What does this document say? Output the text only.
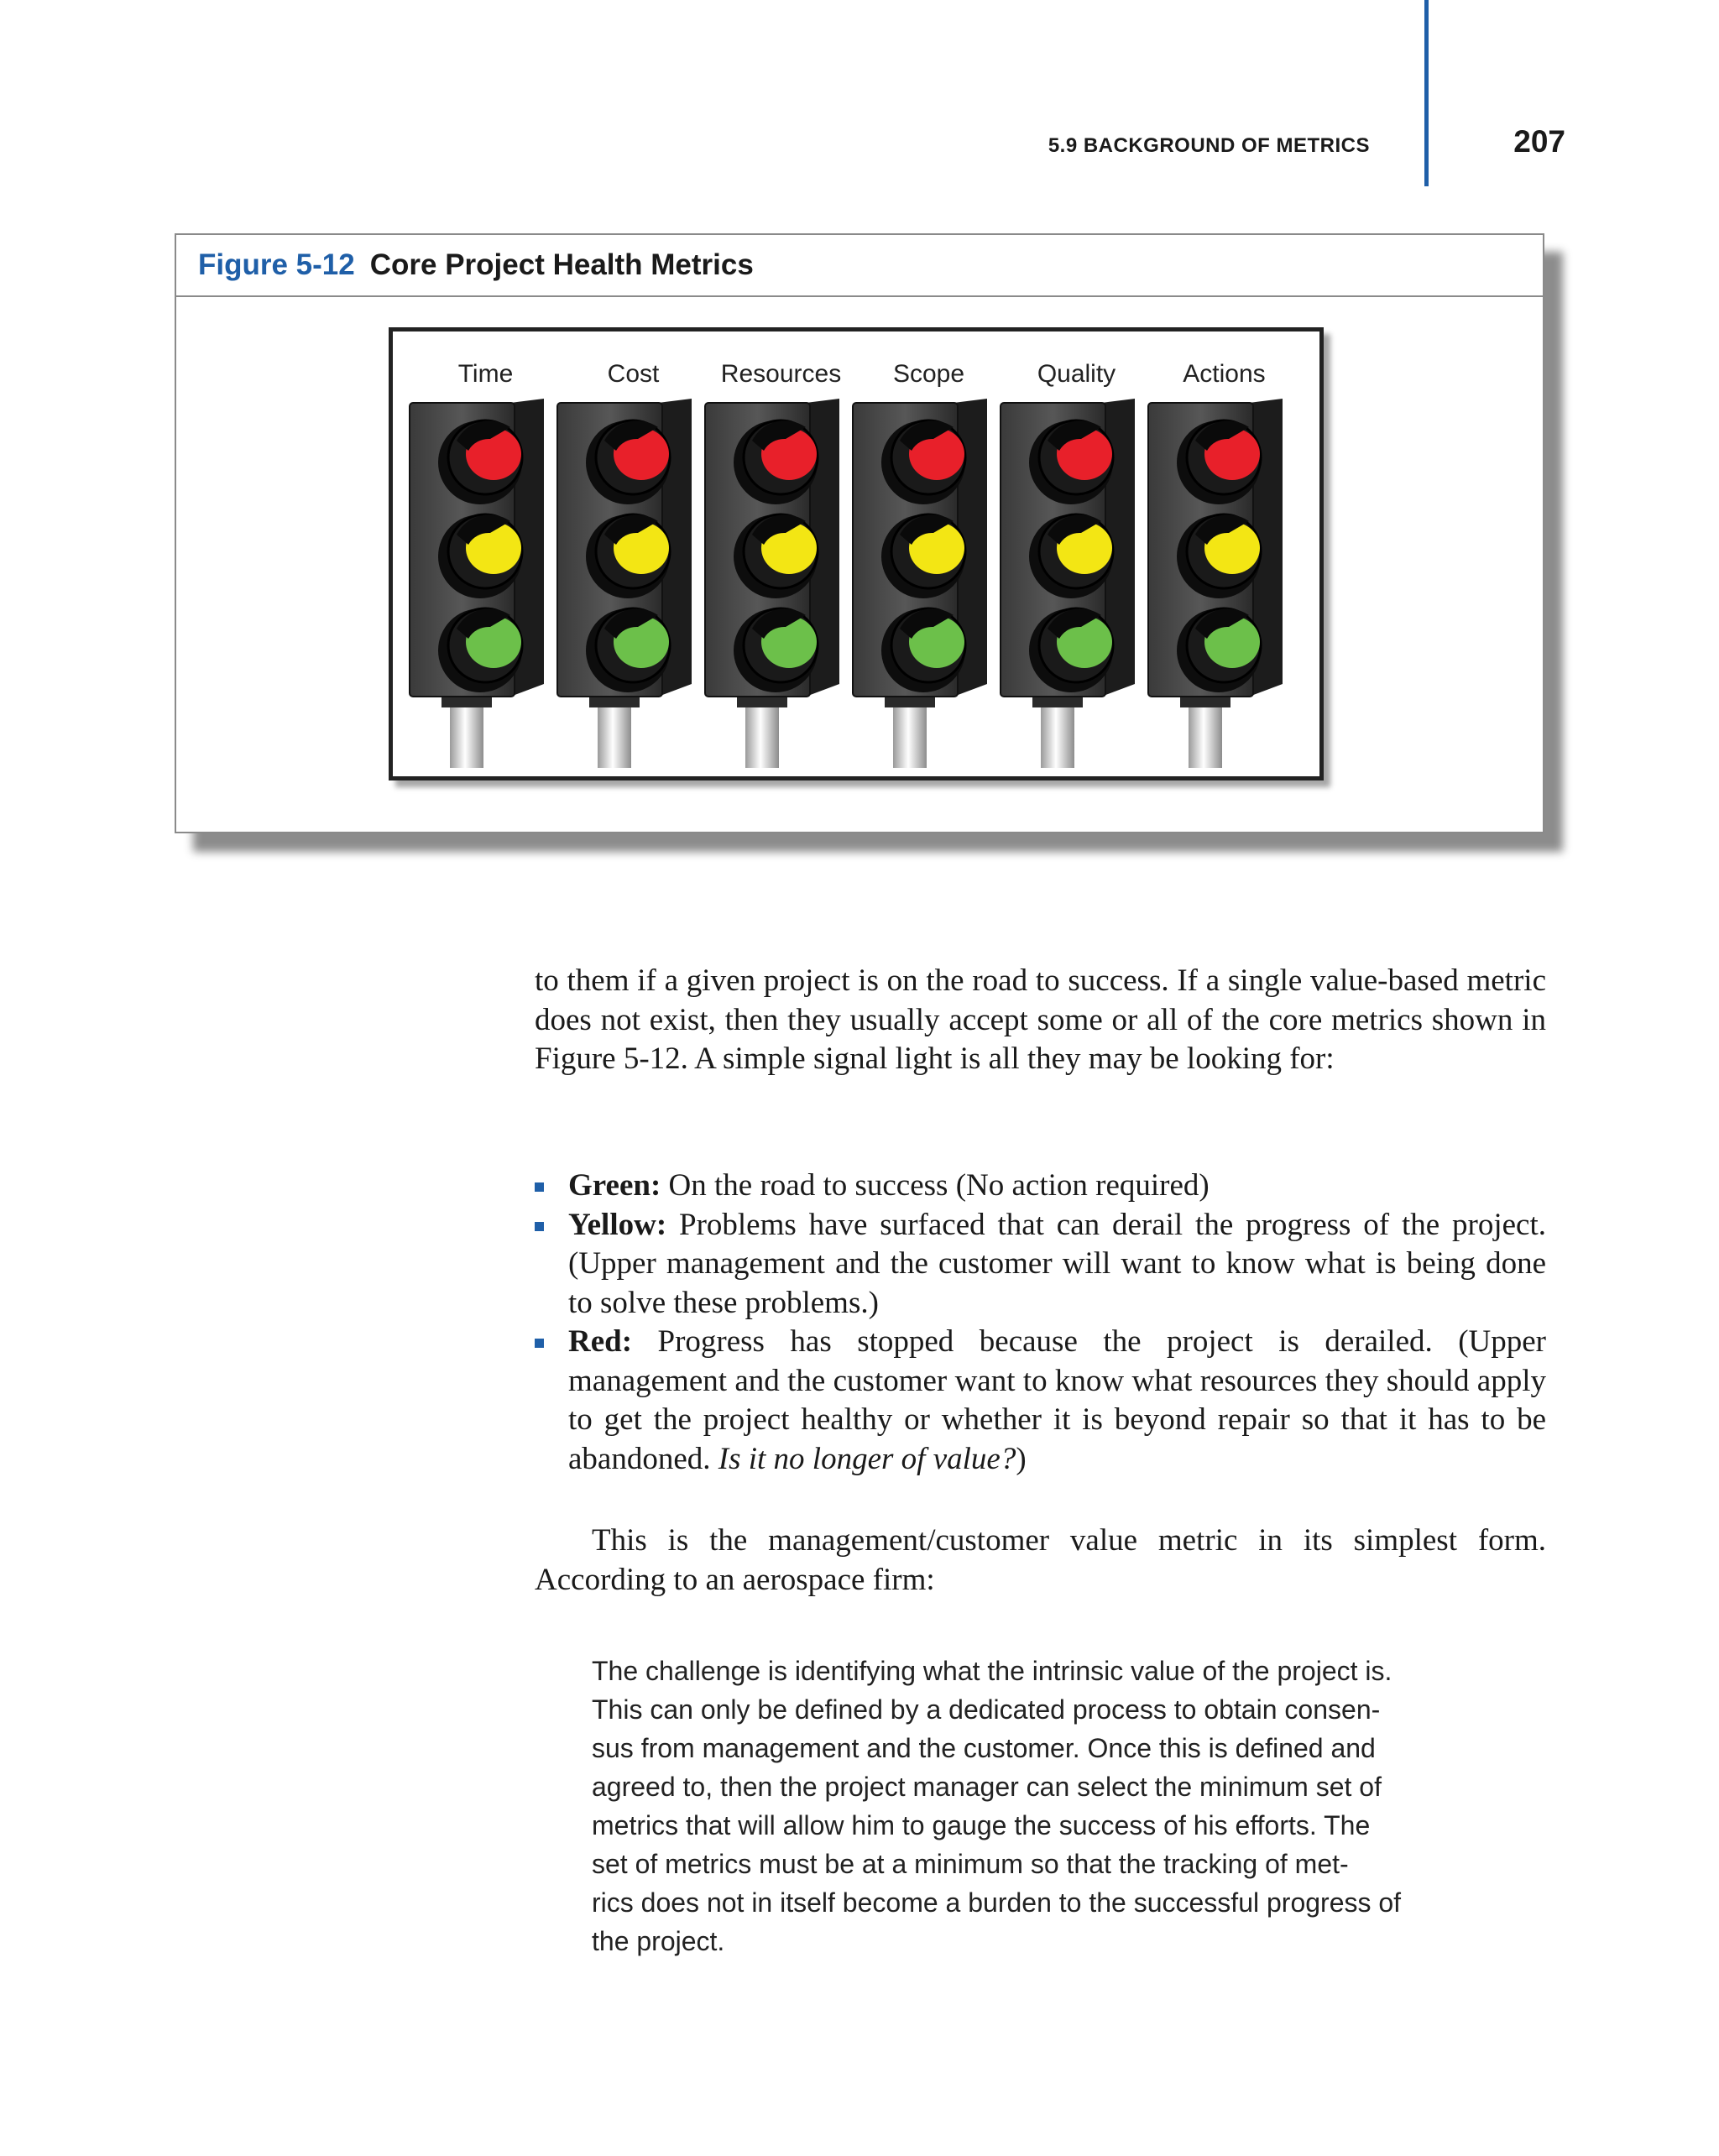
5.9 BACKGROUND OF METRICS	207
Figure 5-12 Core Project Health Metrics
Time	Cost Resources Scope	Quality	Actions

to them if a given project is on the road to success. If a single value-based metric does not exist, then they usually accept some or all of the core metrics shown in Figure 5-12. A simple signal light is all they may be looking for:

Green: On the road to success (No action required)
Yellow: Problems have surfaced that can derail the progress of the project. (Upper management and the customer will want to know what is being done to solve these problems.)
Red: Progress has stopped because the project is derailed. (Upper management and the customer want to know what resources they should apply to get the project healthy or whether it is beyond repair so that it has to be abandoned. Is it no longer of value?)

This is the management/customer value metric in its simplest form. According to an aerospace firm:

The challenge is identifying what the intrinsic value of the project is.
This can only be defined by a dedicated process to obtain consen-
sus from management and the customer. Once this is defined and
agreed to, then the project manager can select the minimum set of
metrics that will allow him to gauge the success of his efforts. The
set of metrics must be at a minimum so that the tracking of met-
rics does not in itself become a burden to the successful progress of
the project.
